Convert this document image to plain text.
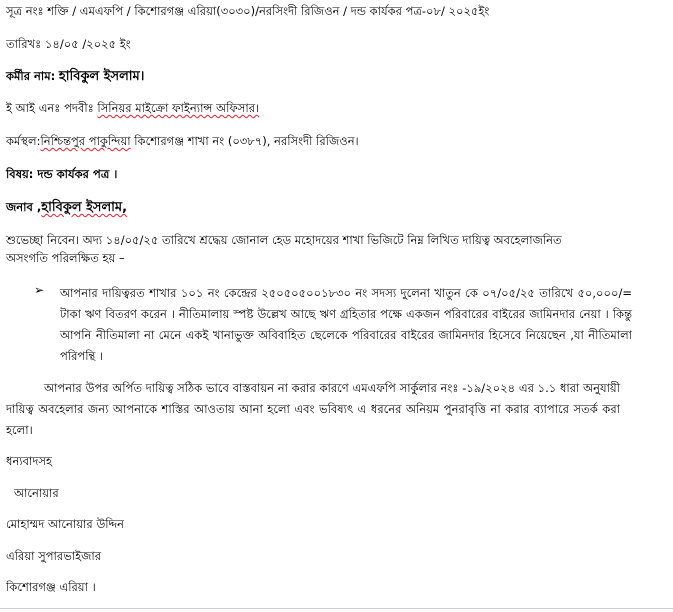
সূত্র নংঃ শক্তি / এমএফপি / কিশোরগঞ্জ এরিয়া(৩০৩০)/নরসিংদী রিজিওন / দন্ড কার্যকর পত্র-০৮/ ২০২৫ইং
তারিখঃ ১৪/০৫ /২০২৫ ইং
কর্মীর নাম: হাবিকুল ইসলাম।
ই আই এনঃ পদবীঃ সিনিয়র মাইক্রো ফাইন্যান্স অফিসার।
কর্মস্থল:নিশ্চিন্তপুর পাকুন্দিয়া কিশোরগঞ্জ শাখা নং (০৩৮৭), নরসিংদী রিজিওন।
বিষয়: দন্ড কার্যকর পত্র ।
জনাব ,হাবিকুল ইসলাম,
শুভেচ্ছা নিবেন। অদ্য ১৪/০৫/২৫ তারিখে শ্রদ্ধেয় জোনাল হেড মহোদয়ের শাখা ভিজিটে নিম্ন লিখিত দায়িত্ব অবহেলাজনিত
অসংগতি পরিলক্ষিত হয় –
➢ আপনার দায়িত্বরত শাখার ১০১ নং কেন্দ্রের ২৫০৫০৫০০১৮৩০ নং সদস্য দুলেনা খাতুন কে ০৭/০৫/২৫ তারিখে ৫০,০০০/= টাকা ঋণ বিতরণ করেন । নীতিমালায় স্পষ্ট উল্লেখ আছে ঋণ গ্রহিতার পক্ষে একজন পরিবারের বাইরের জামিনদার নেয়া । কিন্তু আপনি নীতিমালা না মেনে একই খানাভুক্ত অবিবাহিত ছেলেকে পরিবারের বাইরের জামিনদার হিসেবে নিয়েছেন ,যা নীতিমালা পরিপন্থি ।
আপনার উপর অর্পিত দায়িত্ব সঠিক ভাবে বাস্তবায়ন না করার কারণে এমএফপি সার্কুলার নংঃ -১৯/২০২৪ এর ১.১ ধারা অনুযায়ী দায়িত্ব অবহেলার জন্য আপনাকে শাস্তির আওতায় আনা হলো এবং ভবিষ্যৎ এ ধরনের অনিয়ম পুনরাবৃত্তি না করার ব্যাপারে সতর্ক করা হলো।
ধন্যবাদসহ
আনোয়ার
মোহাম্মদ আনোয়ার উদ্দিন
এরিয়া সুপারভাইজার
কিশোরগঞ্জ এরিয়া ।
